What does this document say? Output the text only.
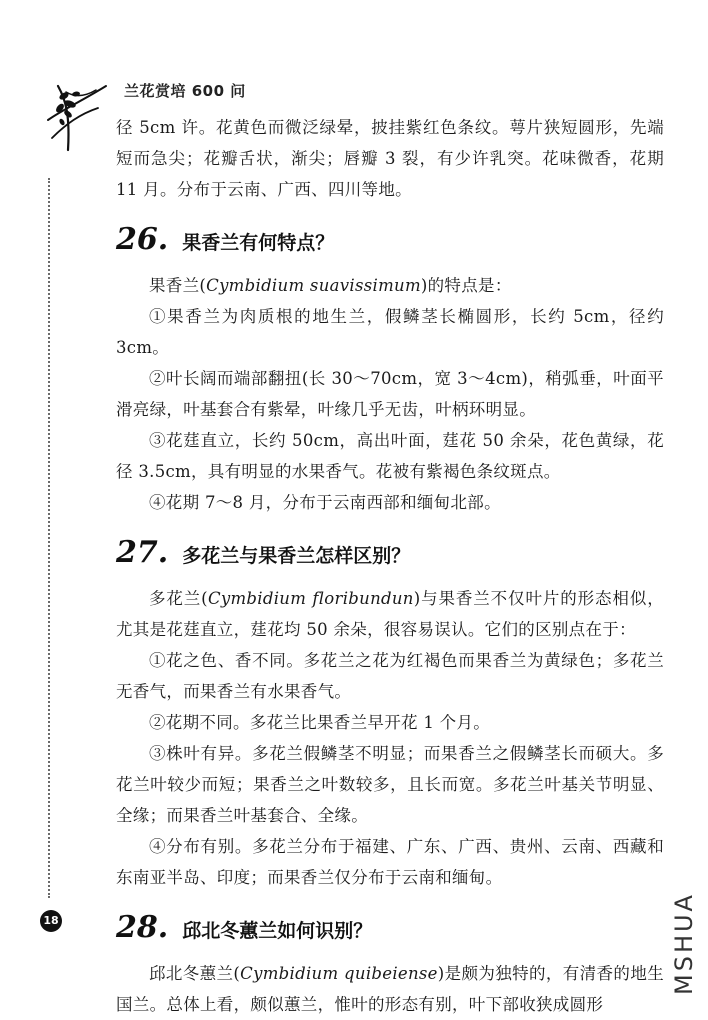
兰花赏培 600 问

径 5cm 许。花黄色而微泛绿晕，披挂紫红色条纹。萼片狭短圆形，先端短而急尖；花瓣舌状，渐尖；唇瓣 3 裂，有少许乳突。花味微香，花期 11 月。分布于云南、广西、四川等地。

26. 果香兰有何特点？

果香兰(Cymbidium suavissimum)的特点是：

①果香兰为肉质根的地生兰，假鳞茎长椭圆形，长约 5cm，径约 3cm。

②叶长阔而端部翻扭(长 30～70cm，宽 3～4cm)，稍弧垂，叶面平滑亮绿，叶基套合有紫晕，叶缘几乎无齿，叶柄环明显。

③花莛直立，长约 50cm，高出叶面，莛花 50 余朵，花色黄绿，花径 3.5cm，具有明显的水果香气。花被有紫褐色条纹斑点。

④花期 7～8 月，分布于云南西部和缅甸北部。

27. 多花兰与果香兰怎样区别？

多花兰(Cymbidium floribundun)与果香兰不仅叶片的形态相似，尤其是花莛直立，莛花均 50 余朵，很容易误认。它们的区别点在于：

①花之色、香不同。多花兰之花为红褐色而果香兰为黄绿色；多花兰无香气，而果香兰有水果香气。

②花期不同。多花兰比果香兰早开花 1 个月。

③株叶有异。多花兰假鳞茎不明显；而果香兰之假鳞茎长而硕大。多花兰叶较少而短；果香兰之叶数较多，且长而宽。多花兰叶基关节明显、全缘；而果香兰叶基套合、全缘。

④分布有别。多花兰分布于福建、广东、广西、贵州、云南、西藏和东南亚半岛、印度；而果香兰仅分布于云南和缅甸。

28. 邱北冬蕙兰如何识别？

邱北冬蕙兰(Cymbidium quibeiense)是颇为独特的，有清香的地生国兰。总体上看，颇似蕙兰，惟叶的形态有别，叶下部收狭成圆形

18	MSHUA
